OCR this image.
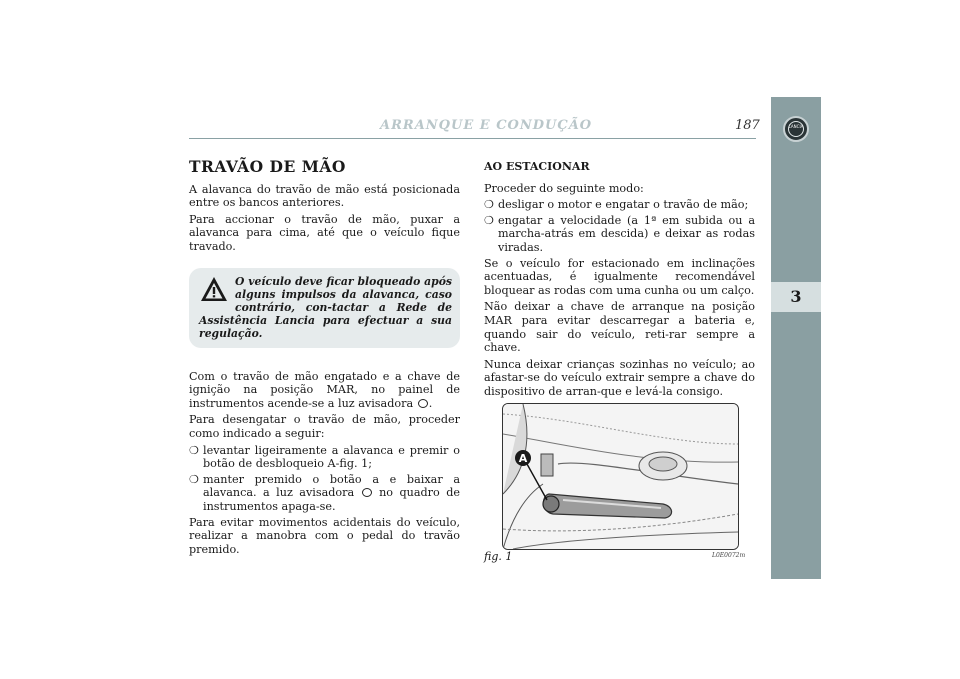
ARRANQUE E CONDUÇÃO	187	LANCIA
3
TRAVÃO DE MÃO

A alavanca do travão de mão está posicionada entre os bancos anteriores.

Para accionar o travão de mão, puxar a alavanca para cima, até que o veículo fique travado.

O veículo deve ficar bloqueado após alguns impulsos da alavanca, caso contrário, con-tactar a Rede de Assistência Lancia para efectuar a sua regulação.

Com o travão de mão engatado e a chave de ignição na posição MAR, no painel de instrumentos acende-se a luz avisadora .

Para desengatar o travão de mão, proceder como indicado a seguir:

❍ levantar ligeiramente a alavanca e premir o botão de desbloqueio A-fig. 1;
❍ manter premido o botão a e baixar a alavanca. a luz avisadora no quadro de instrumentos apaga-se.

Para evitar movimentos acidentais do veículo, realizar a manobra com o pedal do travão premido.

AO ESTACIONAR

Proceder do seguinte modo:

❍ desligar o motor e engatar o travão de mão;
❍ engatar a velocidade (a 1ª em subida ou a marcha-atrás em descida) e deixar as rodas viradas.

Se o veículo for estacionado em inclinações acentuadas, é igualmente recomendável bloquear as rodas com uma cunha ou um calço.

Não deixar a chave de arranque na posição MAR para evitar descarregar a bateria e, quando sair do veículo, reti-rar sempre a chave.

Nunca deixar crianças sozinhas no veículo; ao afastar-se do veículo extrair sempre a chave do dispositivo de arran-que e levá-la consigo.

A
fig. 1	L0E0072m
